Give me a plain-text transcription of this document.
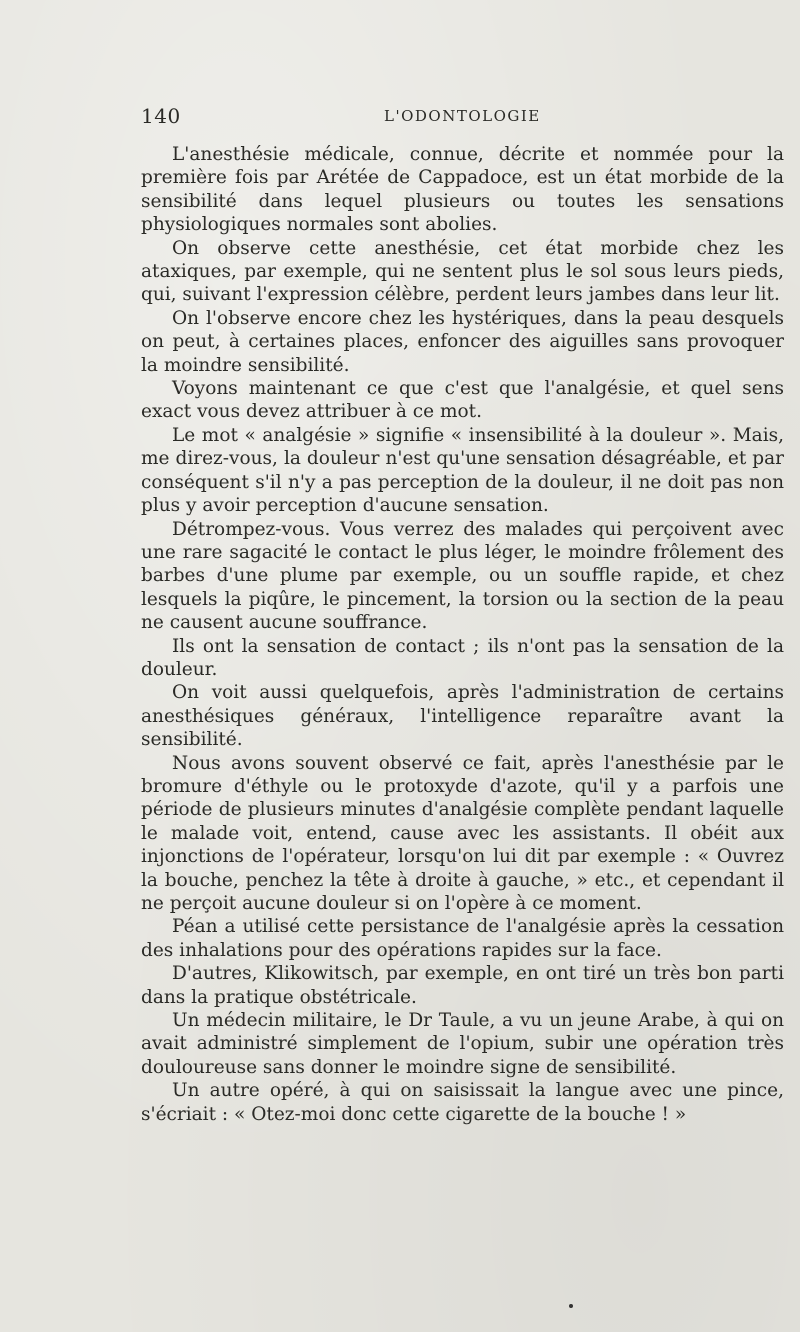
140	L'ODONTOLOGIE

L'anesthésie médicale, connue, décrite et nommée pour la première fois par Arétée de Cappadoce, est un état morbide de la sensibilité dans lequel plusieurs ou toutes les sensations physiologiques normales sont abolies.

On observe cette anesthésie, cet état morbide chez les ataxiques, par exemple, qui ne sentent plus le sol sous leurs pieds, qui, suivant l'expression célèbre, perdent leurs jambes dans leur lit.

On l'observe encore chez les hystériques, dans la peau desquels on peut, à certaines places, enfoncer des aiguilles sans provoquer la moindre sensibilité.

Voyons maintenant ce que c'est que l'analgésie, et quel sens exact vous devez attribuer à ce mot.

Le mot « analgésie » signifie « insensibilité à la douleur ». Mais, me direz-vous, la douleur n'est qu'une sensation désagréable, et par conséquent s'il n'y a pas perception de la douleur, il ne doit pas non plus y avoir perception d'aucune sensation.

Détrompez-vous. Vous verrez des malades qui perçoivent avec une rare sagacité le contact le plus léger, le moindre frôlement des barbes d'une plume par exemple, ou un souffle rapide, et chez lesquels la piqûre, le pincement, la torsion ou la section de la peau ne causent aucune souffrance.

Ils ont la sensation de contact ; ils n'ont pas la sensation de la douleur.

On voit aussi quelquefois, après l'administration de certains anesthésiques généraux, l'intelligence reparaître avant la sensibilité.

Nous avons souvent observé ce fait, après l'anesthésie par le bromure d'éthyle ou le protoxyde d'azote, qu'il y a parfois une période de plusieurs minutes d'analgésie complète pendant laquelle le malade voit, entend, cause avec les assistants. Il obéit aux injonctions de l'opérateur, lorsqu'on lui dit par exemple : « Ouvrez la bouche, penchez la tête à droite à gauche, » etc., et cependant il ne perçoit aucune douleur si on l'opère à ce moment.

Péan a utilisé cette persistance de l'analgésie après la cessation des inhalations pour des opérations rapides sur la face.

D'autres, Klikowitsch, par exemple, en ont tiré un très bon parti dans la pratique obstétricale.

Un médecin militaire, le Dr Taule, a vu un jeune Arabe, à qui on avait administré simplement de l'opium, subir une opération très douloureuse sans donner le moindre signe de sensibilité.

Un autre opéré, à qui on saisissait la langue avec une pince, s'écriait : « Otez-moi donc cette cigarette de la bouche ! »
